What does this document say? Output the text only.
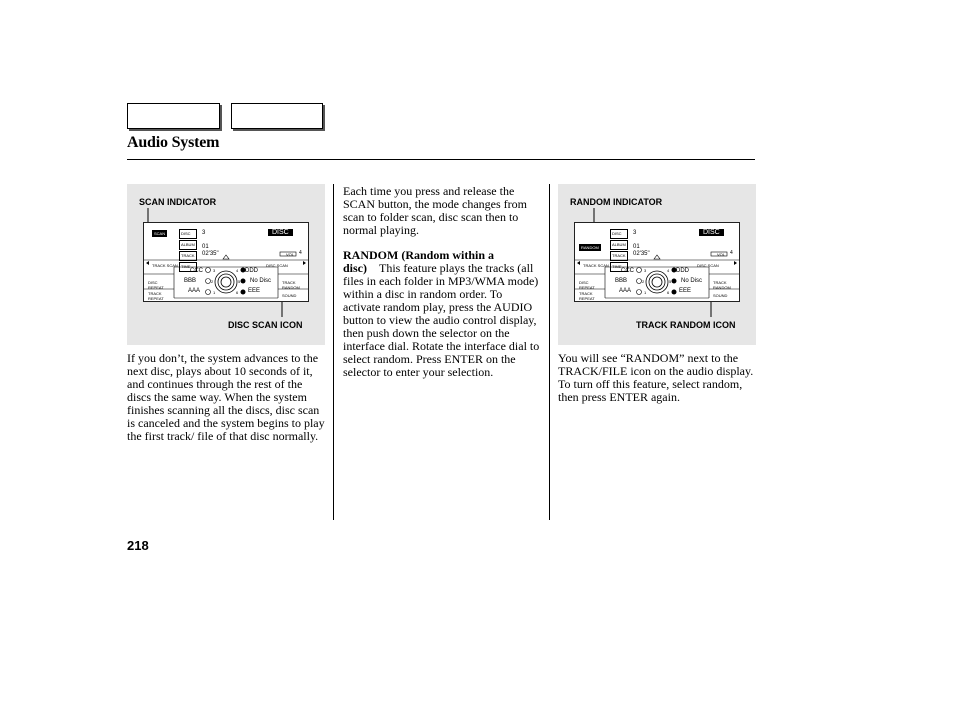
Audio System
SCAN INDICATOR
DISC SCAN ICON
SCAN	DISC
ALBUM
TRACK
TIME
3
01
02'35"
DISC
VOL 4
TRACK SCAN	DISC SCAN
DISC
REPEAT
TRACK
REPEAT
TRACK
RANDOM
SOUND
CCC	DDD
BBB	No Disc
AAA	EEE
3	4
2	5
1	6
RANDOM INDICATOR
TRACK RANDOM ICON
RANDOM
DISC
ALBUM
TRACK
TIME
3
01
02'35"
DISC
VOL 4
TRACK SCAN	DISC SCAN
DISC
REPEAT
TRACK
REPEAT
TRACK
RANDOM
SOUND
CCC	DDD
BBB	No Disc
AAA	EEE
3	4
2	5
1	6

If you don’t, the system advances to the next disc, plays about 10 seconds of it, and continues through the rest of the discs the same way. When the system finishes scanning all the discs, disc scan is canceled and the system begins to play the first track/ file of that disc normally.

Each time you press and release the SCAN button, the mode changes from scan to folder scan, disc scan then to normal playing.

RANDOM (Random within a disc) This feature plays the tracks (all files in each folder in MP3/WMA mode) within a disc in random order. To activate random play, press the AUDIO button to view the audio control display, then push down the selector on the interface dial. Rotate the interface dial to select random. Press ENTER on the selector to enter your selection.

You will see “RANDOM” next to the TRACK/FILE icon on the audio display. To turn off this feature, select random, then press ENTER again.

218
